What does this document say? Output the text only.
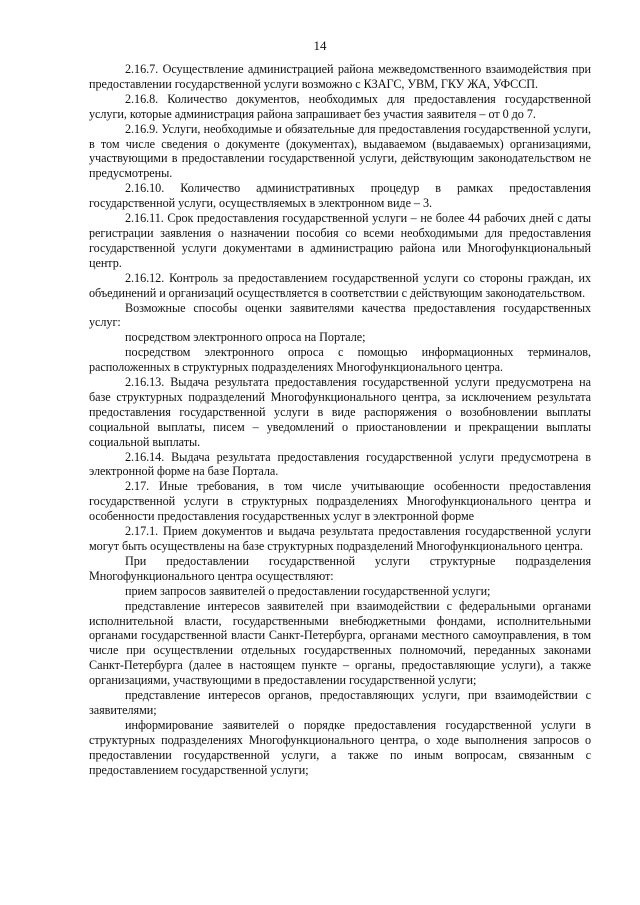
14

2.16.7. Осуществление администрацией района межведомственного взаимодействия при предоставлении государственной услуги возможно с КЗАГС, УВМ, ГКУ ЖА, УФССП.

2.16.8. Количество документов, необходимых для предоставления государственной услуги, которые администрация района запрашивает без участия заявителя – от 0 до 7.

2.16.9. Услуги, необходимые и обязательные для предоставления государственной услуги, в том числе сведения о документе (документах), выдаваемом (выдаваемых) организациями, участвующими в предоставлении государственной услуги, действующим законодательством не предусмотрены.

2.16.10. Количество административных процедур в рамках предоставления государственной услуги, осуществляемых в электронном виде – 3.

2.16.11. Срок предоставления государственной услуги – не более 44 рабочих дней с даты регистрации заявления о назначении пособия со всеми необходимыми для предоставления государственной услуги документами в администрацию района или Многофункциональный центр.

2.16.12. Контроль за предоставлением государственной услуги со стороны граждан, их объединений и организаций осуществляется в соответствии с действующим законодательством.

Возможные способы оценки заявителями качества предоставления государственных услуг:

посредством электронного опроса на Портале;

посредством электронного опроса с помощью информационных терминалов, расположенных в структурных подразделениях Многофункционального центра.

2.16.13. Выдача результата предоставления государственной услуги предусмотрена на базе структурных подразделений Многофункционального центра, за исключением результата предоставления государственной услуги в виде распоряжения о возобновлении выплаты социальной выплаты, писем – уведомлений о приостановлении и прекращении выплаты социальной выплаты.

2.16.14. Выдача результата предоставления государственной услуги предусмотрена в электронной форме на базе Портала.

2.17. Иные требования, в том числе учитывающие особенности предоставления государственной услуги в структурных подразделениях Многофункционального центра и особенности предоставления государственных услуг в электронной форме

2.17.1. Прием документов и выдача результата предоставления государственной услуги могут быть осуществлены на базе структурных подразделений Многофункционального центра.

При предоставлении государственной услуги структурные подразделения Многофункционального центра осуществляют:

прием запросов заявителей о предоставлении государственной услуги;

представление интересов заявителей при взаимодействии с федеральными органами исполнительной власти, государственными внебюджетными фондами, исполнительными органами государственной власти Санкт-Петербурга, органами местного самоуправления, в том числе при осуществлении отдельных государственных полномочий, переданных законами Санкт-Петербурга (далее в настоящем пункте – органы, предоставляющие услуги), а также организациями, участвующими в предоставлении государственной услуги;

представление интересов органов, предоставляющих услуги, при взаимодействии с заявителями;

информирование заявителей о порядке предоставления государственной услуги в структурных подразделениях Многофункционального центра, о ходе выполнения запросов о предоставлении государственной услуги, а также по иным вопросам, связанным с предоставлением государственной услуги;
